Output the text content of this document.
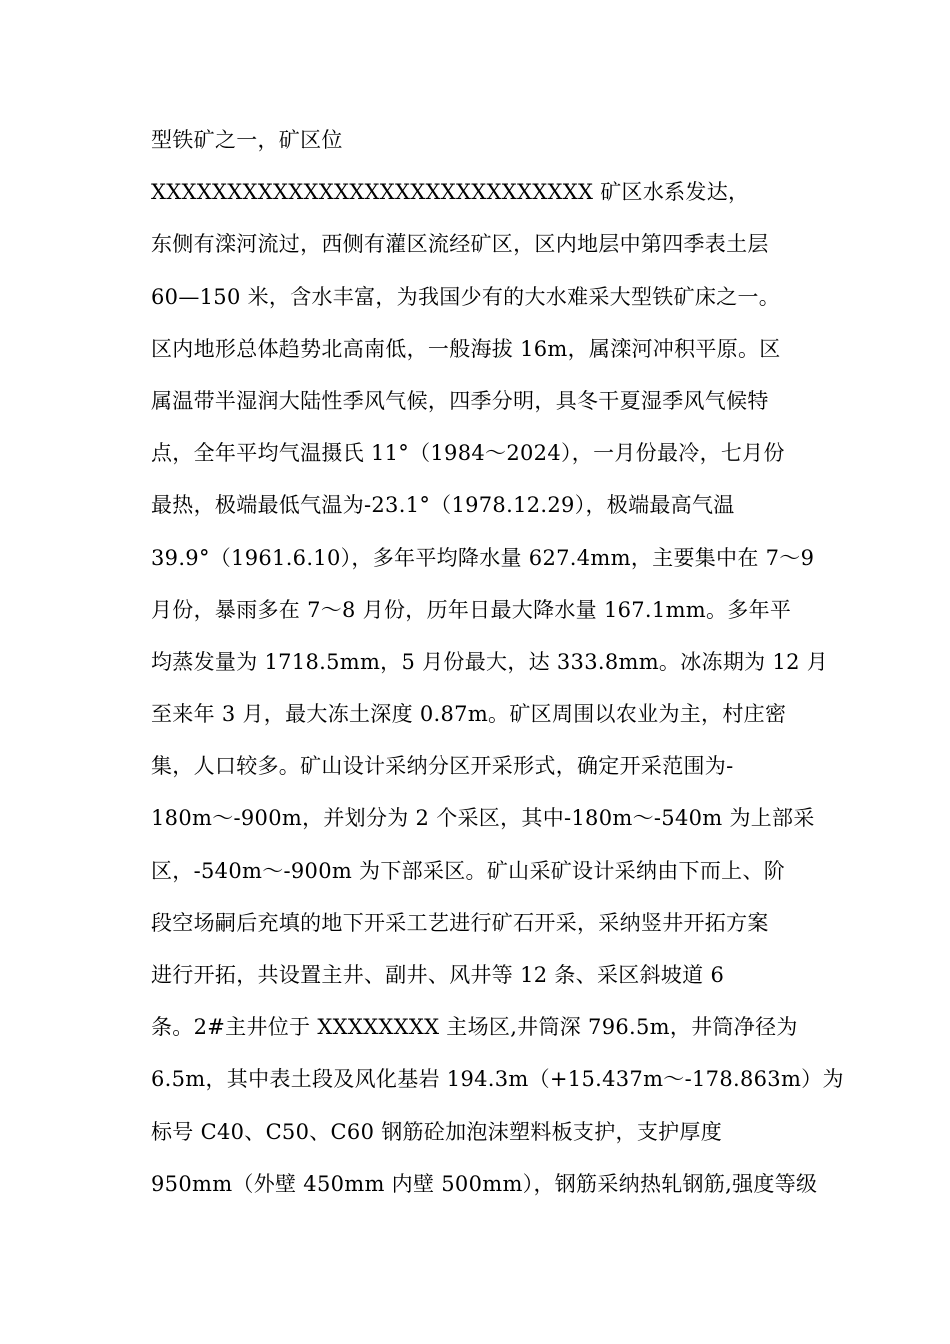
型铁矿之一，矿区位
XXXXXXXXXXXXXXXXXXXXXXXXXXXXX 矿区水系发达，
东侧有滦河流过，西侧有灌区流经矿区，区内地层中第四季表土层
60—150 米，含水丰富，为我国少有的大水难采大型铁矿床之一。
区内地形总体趋势北高南低，一般海拔 16m，属滦河冲积平原。区
属温带半湿润大陆性季风气候，四季分明，具冬干夏湿季风气候特
点，全年平均气温摄氏 11°（1984～2024），一月份最冷，七月份
最热，极端最低气温为-23.1°（1978.12.29），极端最高气温
39.9°（1961.6.10），多年平均降水量 627.4mm，主要集中在 7～9
月份，暴雨多在 7～8 月份，历年日最大降水量 167.1mm。多年平
均蒸发量为 1718.5mm，5 月份最大，达 333.8mm。冰冻期为 12 月
至来年 3 月，最大冻土深度 0.87m。矿区周围以农业为主，村庄密
集，人口较多。矿山设计采纳分区开采形式，确定开采范围为-
180m～-900m，并划分为 2 个采区，其中-180m～-540m 为上部采
区，-540m～-900m 为下部采区。矿山采矿设计采纳由下而上、阶
段空场嗣后充填的地下开采工艺进行矿石开采，采纳竖井开拓方案
进行开拓，共设置主井、副井、风井等 12 条、采区斜坡道 6
条。2#主井位于 XXXXXXXX 主场区,井筒深 796.5m，井筒净径为
6.5m，其中表土段及风化基岩 194.3m（+15.437m～-178.863m）为
标号 C40、C50、C60 钢筋砼加泡沫塑料板支护，支护厚度
950mm（外壁 450mm 内壁 500mm），钢筋采纳热轧钢筋,强度等级
